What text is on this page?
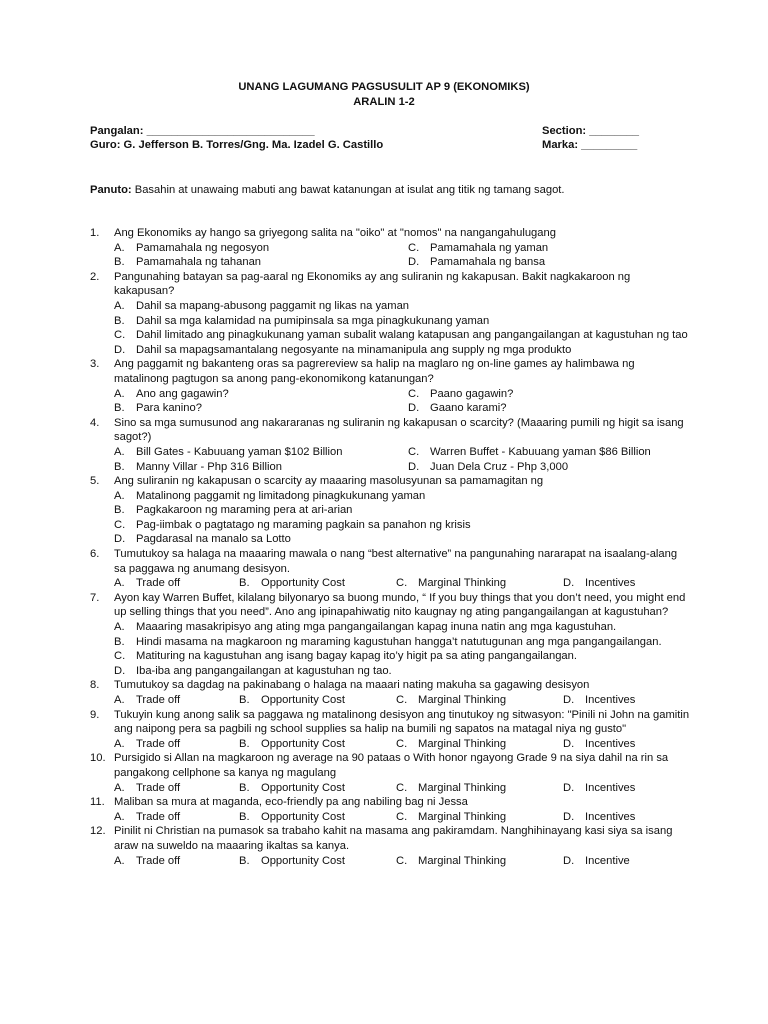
UNANG LAGUMANG PAGSUSULIT AP 9 (EKONOMIKS)
ARALIN 1-2
Pangalan: ___________________________
Guro: G. Jefferson B. Torres/Gng. Ma. Izadel G. Castillo
Section: ________
Marka: _________
Panuto: Basahin at unawaing mabuti ang bawat katanungan at isulat ang titik ng tamang sagot.
1.	Ang Ekonomiks ay hango sa griyegong salita na "oiko" at "nomos" na nangangahulugang
A.	Pamamahala ng negosyon	C. Pamamahala ng yaman
B.	Pamamahala ng tahanan	D. Pamamahala ng bansa
2.	Pangunahing batayan sa pag-aaral ng Ekonomiks ay ang suliranin ng kakapusan. Bakit nagkakaroon ng kakapusan?
A.	Dahil sa mapang-abusong paggamit ng likas na yaman
B.	Dahil sa mga kalamidad na pumipinsala sa mga pinagkukunang yaman
C. Dahil limitado ang pinagkukunang yaman subalit walang katapusan ang pangangailangan at kagustuhan ng tao
D. Dahil sa mapagsamantalang negosyante na minamanipula ang supply ng mga produkto
3.	Ang paggamit ng bakanteng oras sa pagrereview sa halip na maglaro ng on-line games ay halimbawa ng matalinong pagtugon sa anong pang-ekonomikong katanungan?
A.	Ano ang gagawin?	C. Paano gagawin?
B.	Para kanino?	D. Gaano karami?
4.	Sino sa mga sumusunod ang nakararanas ng suliranin ng kakapusan o scarcity? (Maaaring pumili ng higit sa isang sagot?)
A.	Bill Gates - Kabuuang yaman $102 Billion	C. Warren Buffet - Kabuuang yaman $86 Billion
B.	Manny Villar - Php 316 Billion	D. Juan Dela Cruz - Php 3,000
5.	Ang suliranin ng kakapusan o scarcity ay maaaring masolusyunan sa pamamagitan ng
A.	Matalinong paggamit ng limitadong pinagkukunang yaman
B.	Pagkakaroon ng maraming pera at ari-arian
C. Pag-iimbak o pagtatago ng maraming pagkain sa panahon ng krisis
D. Pagdarasal na manalo sa Lotto
6.	Tumutukoy sa halaga na maaaring mawala o nang “best alternative” na pangunahing nararapat na isaalang-alang sa paggawa ng anumang desisyon.
A.	Trade off	B.	Opportunity Cost	C. Marginal Thinking	D. Incentives
7.	Ayon kay Warren Buffet, kilalang bilyonaryo sa buong mundo, “ If you buy things that you don’t need, you might end up selling things that you need”. Ano ang ipinapahiwatig nito kaugnay ng ating pangangailangan at kagustuhan?
A.	Maaaring masakripisyo ang ating mga pangangailangan kapag inuna natin ang mga kagustuhan.
B.	Hindi masama na magkaroon ng maraming kagustuhan hangga’t natutugunan ang mga pangangailangan.
C. Matituring na kagustuhan ang isang bagay kapag ito’y higit pa sa ating pangangailangan.
D. Iba-iba ang pangangailangan at kagustuhan ng tao.
8.	Tumutukoy sa dagdag na pakinabang o halaga na maaari nating makuha sa gagawing desisyon
A.	Trade off	B.	Opportunity Cost	C. Marginal Thinking	D. Incentives
9.	Tukuyin kung anong salik sa paggawa ng matalinong desisyon ang tinutukoy ng sitwasyon: "Pinili ni John na gamitin ang naipong pera sa pagbili ng school supplies sa halip na bumili ng sapatos na matagal niya ng gusto"
A.	Trade off	B.	Opportunity Cost	C. Marginal Thinking	D. Incentives
10. Pursigido si Allan na magkaroon ng average na 90 pataas o With honor ngayong Grade 9 na siya dahil na rin sa pangakong cellphone sa kanya ng magulang
A.	Trade off	B.	Opportunity Cost	C. Marginal Thinking	D. Incentives
11. Maliban sa mura at maganda, eco-friendly pa ang nabiling bag ni Jessa
A.	Trade off	B.	Opportunity Cost	C. Marginal Thinking	D. Incentives
12. Pinilit ni Christian na pumasok sa trabaho kahit na masama ang pakiramdam. Nanghihinayang kasi siya sa isang araw na suweldo na maaaring ikaltas sa kanya.
A.	Trade off	B.	Opportunity Cost	C. Marginal Thinking	D. Incentive
